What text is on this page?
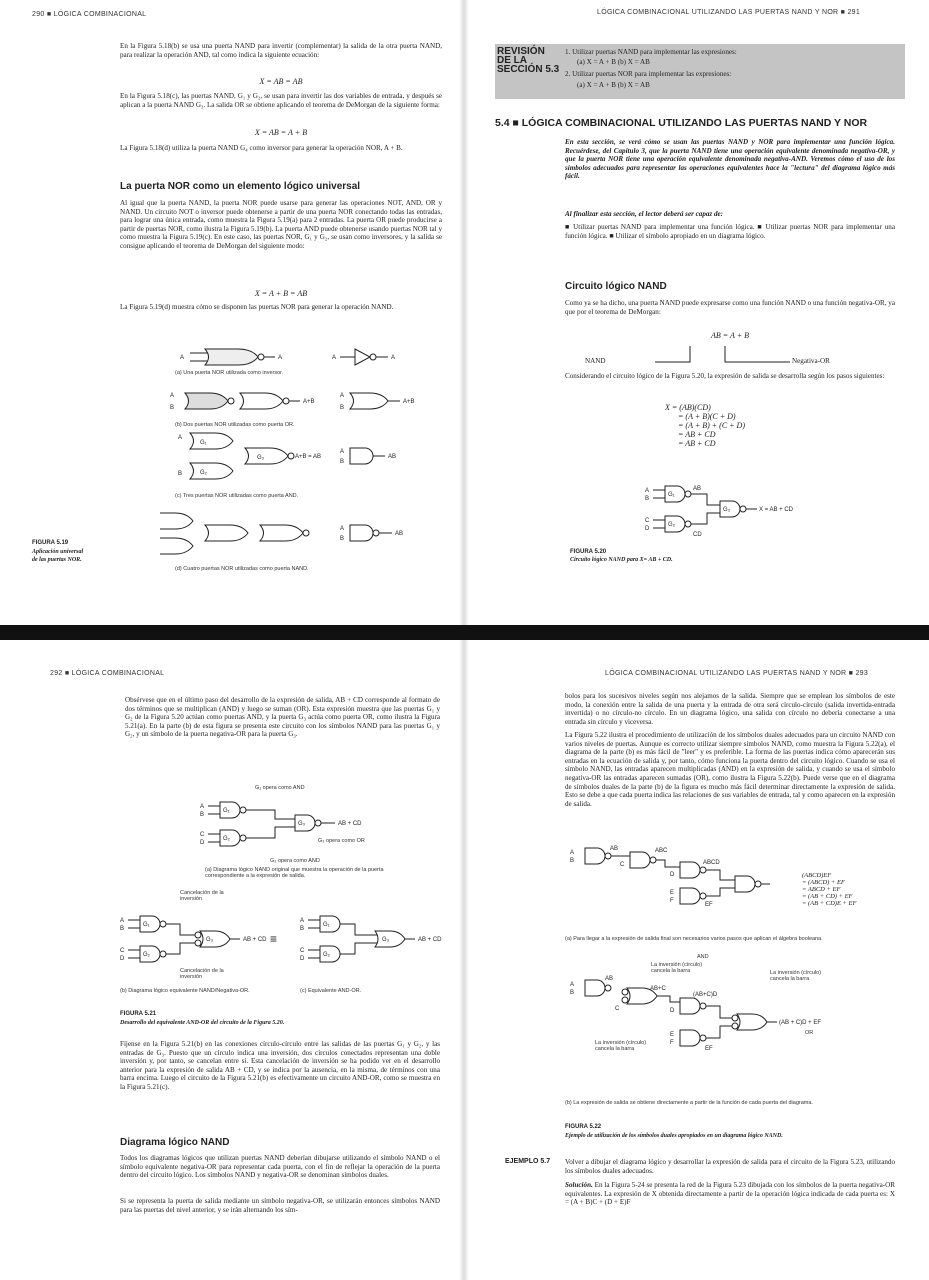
290 ■ LÓGICA COMBINACIONAL

En la Figura 5.18(b) se usa una puerta NAND para invertir (complementar) la salida de la otra puerta NAND, para realizar la operación AND, tal como indica la siguiente ecuación:

X = AB = AB

En la Figura 5.18(c), las puertas NAND, G₁ y G₂, se usan para invertir las dos variables de entrada, y después se aplican a la puerta NAND G₃. La salida OR se obtiene aplicando el teorema de DeMorgan de la siguiente forma:

X = AB = A + B

La Figura 5.18(d) utiliza la puerta NAND G₄ como inversor para generar la operación NOR, A + B.

La puerta NOR como un elemento lógico universal

Al igual que la puerta NAND, la puerta NOR puede usarse para generar las operaciones NOT, AND, OR y NAND. Un circuito NOT o inversor puede obtenerse a partir de una puerta NOR conectando todas las entradas, para lograr una única entrada, como muestra la Figura 5.19(a) para 2 entradas. La puerta OR puede producirse a partir de puertas NOR, como ilustra la Figura 5.19(b). La puerta AND puede obtenerse usando puertas NOR tal y como muestra la Figura 5.19(c). En este caso, las puertas NOR, G₁ y G₂, se usan como inversores, y la salida se consigue aplicando el teorema de DeMorgan del siguiente modo:

X = A + B = AB

La Figura 5.19(d) muestra cómo se disponen las puertas NOR para generar la operación NAND.

A	A	A	A
A
B
A+B
A
B
A+B
A
B
A+B = AB
A
B
AB
G₁
G₂
G₃
A
B
AB
(a) Una puerta NOR utilizada como inversor.
(b) Dos puertas NOR utilizadas como puerta OR.
(c) Tres puertas NOR utilizadas como puerta AND.
(d) Cuatro puertas NOR utilizadas como puerta NAND.
FIGURA 5.19
Aplicación universal
de las puertas NOR.
LÓGICA COMBINACIONAL UTILIZANDO LAS PUERTAS NAND Y NOR ■ 291
REVISIÓN
DE LA
SECCIÓN 5.3
1. Utilizar puertas NAND para implementar las expresiones:
(a) X = A + B (b) X = AB
2. Utilizar puertas NOR para implementar las expresiones:
(a) X = A + B (b) X = AB
5.4 ■ LÓGICA COMBINACIONAL UTILIZANDO LAS PUERTAS NAND Y NOR

En esta sección, se verá cómo se usan las puertas NAND y NOR para implementar una función lógica. Recuérdese, del Capítulo 3, que la puerta NAND tiene una operación equivalente denominada negativa-OR, y que la puerta NOR tiene una operación equivalente denominada negativa-AND. Veremos cómo el uso de los símbolos adecuados para representar las operaciones equivalentes hace la "lectura" del diagrama lógico más fácil.

Al finalizar esta sección, el lector deberá ser capaz de:

■ Utilizar puertas NAND para implementar una función lógica. ■ Utilizar puertas NOR para implementar una función lógica. ■ Utilizar el símbolo apropiado en un diagrama lógico.

Circuito lógico NAND

Como ya se ha dicho, una puerta NAND puede expresarse como una función NAND o una función negativa-OR, ya que por el teorema de DeMorgan:

AB = A + B
NAND	Negativa-OR

Considerando el circuito lógico de la Figura 5.20, la expresión de salida se desarrolla según los pasos siguientes:

X = (AB)(CD)
= (A + B)(C + D)
= (A + B) + (C + D)
= AB + CD
= AB + CD
A
B
C
D
G₁
G₂
G₃
AB
CD
X = AB + CD
FIGURA 5.20
Circuito lógico NAND para X= AB + CD.
292 ■ LÓGICA COMBINACIONAL

Obsérvese que en el último paso del desarrollo de la expresión de salida, AB + CD corresponde al formato de dos términos que se multiplican (AND) y luego se suman (OR). Esta expresión muestra que las puertas G₁ y G₂ de la Figura 5.20 actúan como puertas AND, y la puerta G₃ actúa como puerta OR, como ilustra la Figura 5.21(a). En la parte (b) de esta figura se presenta este circuito con los símbolos NAND para las puertas G₁ y G₂, y un símbolo de la puerta negativa-OR para la puerta G₃.

A
B
C
D
G₁
G₂
G₃	AB + CD
G₁ opera como AND
G₃ opera como OR
G₂ opera como AND
(a) Diagrama lógico NAND original que muestra la operación de la puerta correspondiente a la expresión de salida.
A
B
C
D
G₁
G₂
G₃	AB + CD ≡
A
B
C
D
G₁
G₂
G₃	AB + CD
Cancelación de la inversión
Cancelación de la inversión
(b) Diagrama lógico equivalente NAND/Negativa-OR.	(c) Equivalente AND-OR.
FIGURA 5.21
Desarrollo del equivalente AND-OR del circuito de la Figura 5.20.

Fíjense en la Figura 5.21(b) en las conexiones círculo-círculo entre las salidas de las puertas G₁ y G₂, y las entradas de G₃. Puesto que un círculo indica una inversión, dos círculos conectados representan una doble inversión y, por tanto, se cancelan entre sí. Esta cancelación de inversión se ha podido ver en el desarrollo anterior para la expresión de salida AB + CD, y se indica por la ausencia, en la misma, de términos con una barra encima. Luego el circuito de la Figura 5.21(b) es efectivamente un circuito AND-OR, como se muestra en la Figura 5.21(c).

Diagrama lógico NAND

Todos los diagramas lógicos que utilizan puertas NAND deberían dibujarse utilizando el símbolo NAND o el símbolo equivalente negativa-OR para representar cada puerta, con el fin de reflejar la operación de la puerta dentro del circuito lógico. Los símbolos NAND y negativa-OR se denominan símbolos duales.

Si se representa la puerta de salida mediante un símbolo negativa-OR, se utilizarán entonces símbolos NAND para las puertas del nivel anterior, y se irán alternando los sím-

LÓGICA COMBINACIONAL UTILIZANDO LAS PUERTAS NAND Y NOR ■ 293

bolos para los sucesivos niveles según nos alejamos de la salida. Siempre que se emplean los símbolos de este modo, la conexión entre la salida de una puerta y la entrada de otra será círculo-círculo (salida invertida-entrada invertida) o no círculo-no círculo. En un diagrama lógico, una salida con círculo no debería conectarse a una entrada sin círculo y viceversa.

La Figura 5.22 ilustra el procedimiento de utilización de los símbolos duales adecuados para un circuito NAND con varios niveles de puertas. Aunque es correcto utilizar siempre símbolos NAND, como muestra la Figura 5.22(a), el diagrama de la parte (b) es más fácil de "leer" y es preferible. La forma de las puertas indica cómo aparecerán sus entradas en la ecuación de salida y, por tanto, cómo funciona la puerta dentro del circuito lógico. Cuando se usa el símbolo NAND, las entradas aparecen multiplicadas (AND) en la expresión de salida, y cuando se usa el símbolo negativa-OR las entradas aparecen sumadas (OR), como ilustra la Figura 5.22(b). Puede verse que en el diagrama de símbolos duales de la parte (b) de la figura es mucho más fácil determinar directamente la expresión de salida. Esto se debe a que cada puerta indica las relaciones de sus variables de entrada, tal y como aparecen en la expresión de salida.

A
B
C
D
E
F
AB	ABC
ABCD
EF
(ABCD)EF
= (ABCD) + EF
= ABCD + EF
= (AB + CD) + EF
= (AB + CD)E + EF
(a) Para llegar a la expresión de salida final son necesarios varios pasos que aplican el álgebra booleana.
A
B
C	D
E
F
AB
AB+C
(AB+C)D
EF
(AB + C)D + EF
AND
La inversión (círculo) cancela la barra	La inversión (círculo) cancela la barra
La inversión (círculo) cancela la barra
OR
(b) La expresión de salida se obtiene directamente a partir de la función de cada puerta del diagrama.
FIGURA 5.22
Ejemplo de utilización de los símbolos duales apropiados en un diagrama lógico NAND.
EJEMPLO 5.7 Volver a dibujar el diagrama lógico y desarrollar la expresión de salida para el circuito de la Figura 5.23, utilizando los símbolos duales adecuados.

Solución. En la Figura 5-24 se presenta la red de la Figura 5.23 dibujada con los símbolos de la puerta negativa-OR equivalentes. La expresión de X obtenida directamente a partir de la operación lógica indicada de cada puerta es: X = (A + B)C + (D + E)F
